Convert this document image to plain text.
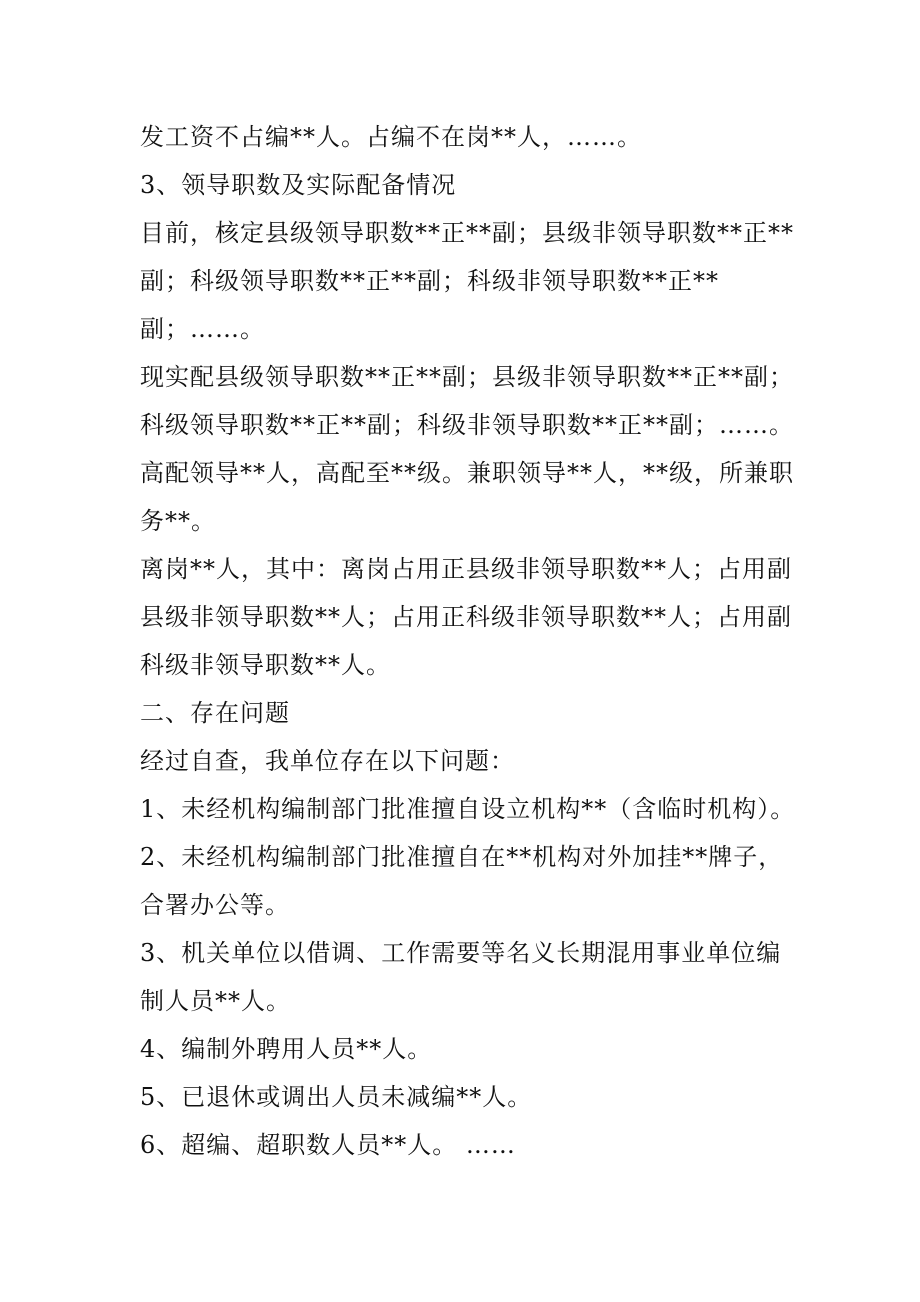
发工资不占编**人。占编不在岗**人，……。

3、领导职数及实际配备情况

目前，核定县级领导职数**正**副；县级非领导职数**正**副；科级领导职数**正**副；科级非领导职数**正**副；……。

现实配县级领导职数**正**副；县级非领导职数**正**副；科级领导职数**正**副；科级非领导职数**正**副；……。

高配领导**人，高配至**级。兼职领导**人，**级，所兼职务**。

离岗**人，其中：离岗占用正县级非领导职数**人；占用副县级非领导职数**人；占用正科级非领导职数**人；占用副科级非领导职数**人。

二、存在问题

经过自查，我单位存在以下问题：

1、未经机构编制部门批准擅自设立机构**（含临时机构）。

2、未经机构编制部门批准擅自在**机构对外加挂**牌子，合署办公等。

3、机关单位以借调、工作需要等名义长期混用事业单位编制人员**人。

4、编制外聘用人员**人。

5、已退休或调出人员未减编**人。

6、超编、超职数人员**人。 ……
